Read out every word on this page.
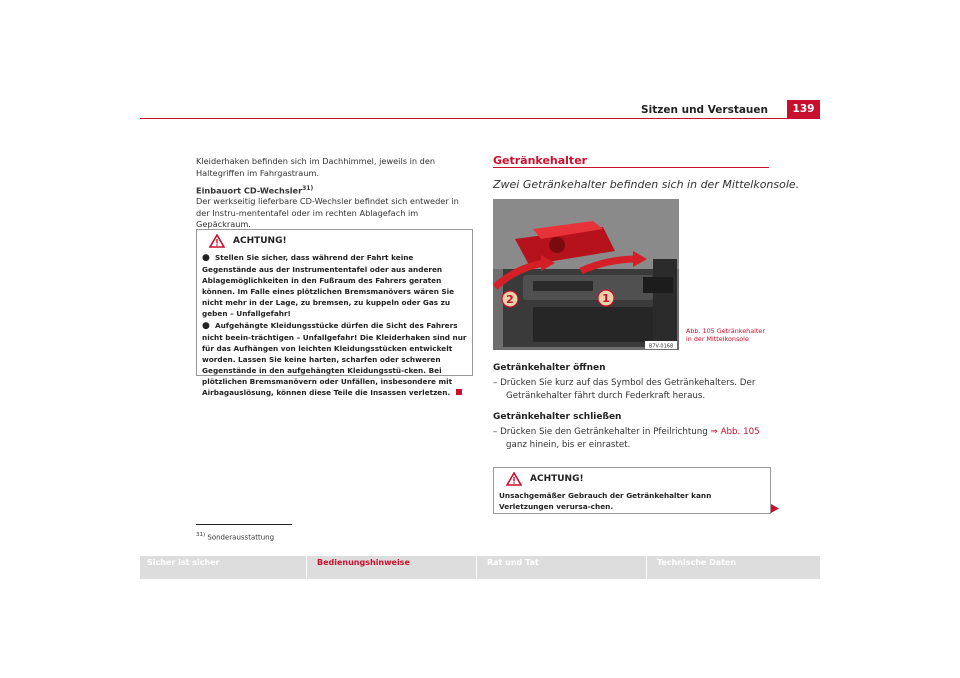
Sitzen und Verstauen	139
Kleiderhaken befinden sich im Dachhimmel, jeweils in den Haltegriffen im Fahrgastraum.
Einbauort CD-Wechsler$^{31)}$
Der werkseitig lieferbare CD-Wechsler befindet sich entweder in der Instru-mententafel oder im rechten Ablagefach im Gepäckraum.
ACHTUNG!
● Stellen Sie sicher, dass während der Fahrt keine Gegenstände aus der Instrumententafel oder aus anderen Ablagemöglichkeiten in den Fußraum des Fahrers geraten können. Im Falle eines plötzlichen Bremsmanövers wären Sie nicht mehr in der Lage, zu bremsen, zu kuppeln oder Gas zu geben – Unfallgefahr!
● Aufgehängte Kleidungsstücke dürfen die Sicht des Fahrers nicht beein-trächtigen – Unfallgefahr! Die Kleiderhaken sind nur für das Aufhängen von leichten Kleidungsstücken entwickelt worden. Lassen Sie keine harten, scharfen oder schweren Gegenstände in den aufgehängten Kleidungsstü-cken. Bei plötzlichen Bremsmanövern oder Unfällen, insbesondere mit Airbagauslösung, können diese Teile die Insassen verletzen.
$^{31)}$ Sonderausstattung
Getränkehalter
Zwei Getränkehalter befinden sich in der Mittelkonsole.
2	1
B7V-0168
Abb. 105 Getränkehalter
in der Mittelkonsole
Getränkehalter öffnen
– Drücken Sie kurz auf das Symbol des Getränkehalters. Der
Getränkehalter fährt durch Federkraft heraus.
Getränkehalter schließen
– Drücken Sie den Getränkehalter in Pfeilrichtung ⇒ Abb. 105
ganz hinein, bis er einrastet.
ACHTUNG!
Unsachgemäßer Gebrauch der Getränkehalter kann Verletzungen verursa-chen.
Sicher ist sicher	Bedienungshinweise	Rat und Tat	Technische Daten
